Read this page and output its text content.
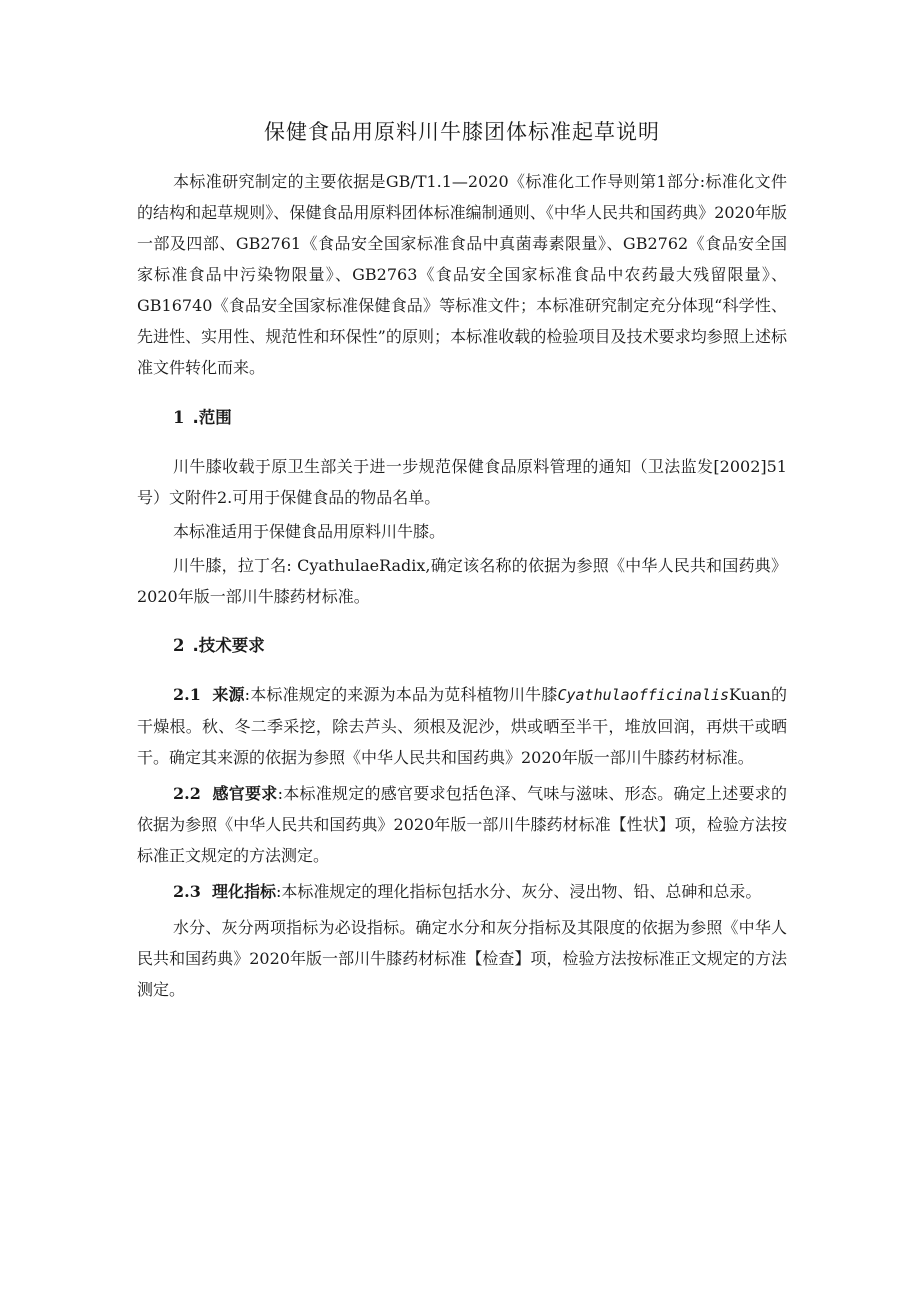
保健食品用原料川牛膝团体标准起草说明

本标准研究制定的主要依据是GB/T1.1—2020《标准化工作导则第1部分:标准化文件的结构和起草规则》、保健食品用原料团体标准编制通则、《中华人民共和国药典》2020年版一部及四部、GB2761《食品安全国家标准食品中真菌毒素限量》、GB2762《食品安全国家标准食品中污染物限量》、GB2763《食品安全国家标准食品中农药最大残留限量》、GB16740《食品安全国家标准保健食品》等标准文件；本标准研究制定充分体现“科学性、先进性、实用性、规范性和环保性”的原则；本标准收载的检验项目及技术要求均参照上述标准文件转化而来。

1 .范围

川牛膝收载于原卫生部关于进一步规范保健食品原料管理的通知（卫法监发[2002]51号）文附件2.可用于保健食品的物品名单。

本标准适用于保健食品用原料川牛膝。

川牛膝，拉丁名: CyathulaeRadix,确定该名称的依据为参照《中华人民共和国药典》2020年版一部川牛膝药材标准。

2 .技术要求

2.1 来源:本标准规定的来源为本品为苋科植物川牛膝CyathulaofficinalisKuan的干燥根。秋、冬二季采挖，除去芦头、须根及泥沙，烘或晒至半干，堆放回润，再烘干或晒干。确定其来源的依据为参照《中华人民共和国药典》2020年版一部川牛膝药材标准。

2.2 感官要求:本标准规定的感官要求包括色泽、气味与滋味、形态。确定上述要求的依据为参照《中华人民共和国药典》2020年版一部川牛膝药材标准【性状】项，检验方法按标准正文规定的方法测定。

2.3 理化指标:本标准规定的理化指标包括水分、灰分、浸出物、铅、总砷和总汞。

水分、灰分两项指标为必设指标。确定水分和灰分指标及其限度的依据为参照《中华人民共和国药典》2020年版一部川牛膝药材标准【检查】项，检验方法按标准正文规定的方法测定。
